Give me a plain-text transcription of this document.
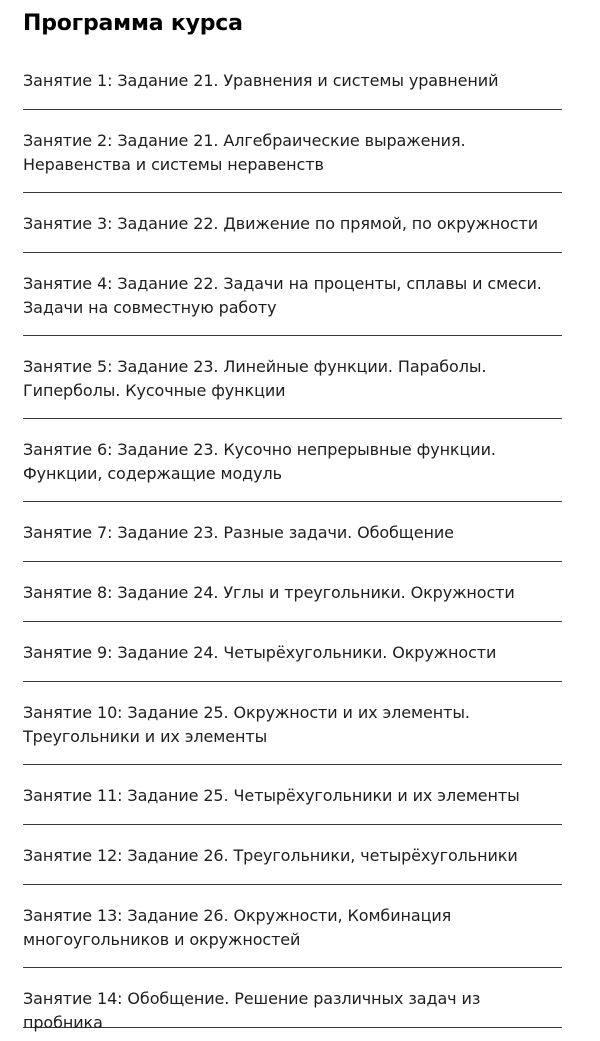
Программа курса
Занятие 1: Задание 21. Уравнения и системы уравнений
Занятие 2: Задание 21. Алгебраические выражения. Неравенства и системы неравенств
Занятие 3: Задание 22. Движение по прямой, по окружности
Занятие 4: Задание 22. Задачи на проценты, сплавы и смеси. Задачи на совместную работу
Занятие 5: Задание 23. Линейные функции. Параболы. Гиперболы. Кусочные функции
Занятие 6: Задание 23. Кусочно непрерывные функции. Функции, содержащие модуль
Занятие 7: Задание 23. Разные задачи. Обобщение
Занятие 8: Задание 24. Углы и треугольники. Окружности
Занятие 9: Задание 24. Четырёхугольники. Окружности
Занятие 10: Задание 25. Окружности и их элементы. Треугольники и их элементы
Занятие 11: Задание 25. Четырёхугольники и их элементы
Занятие 12: Задание 26. Треугольники, четырёхугольники
Занятие 13: Задание 26. Окружности, Комбинация многоугольников и окружностей
Занятие 14: Обобщение. Решение различных задач из пробника
